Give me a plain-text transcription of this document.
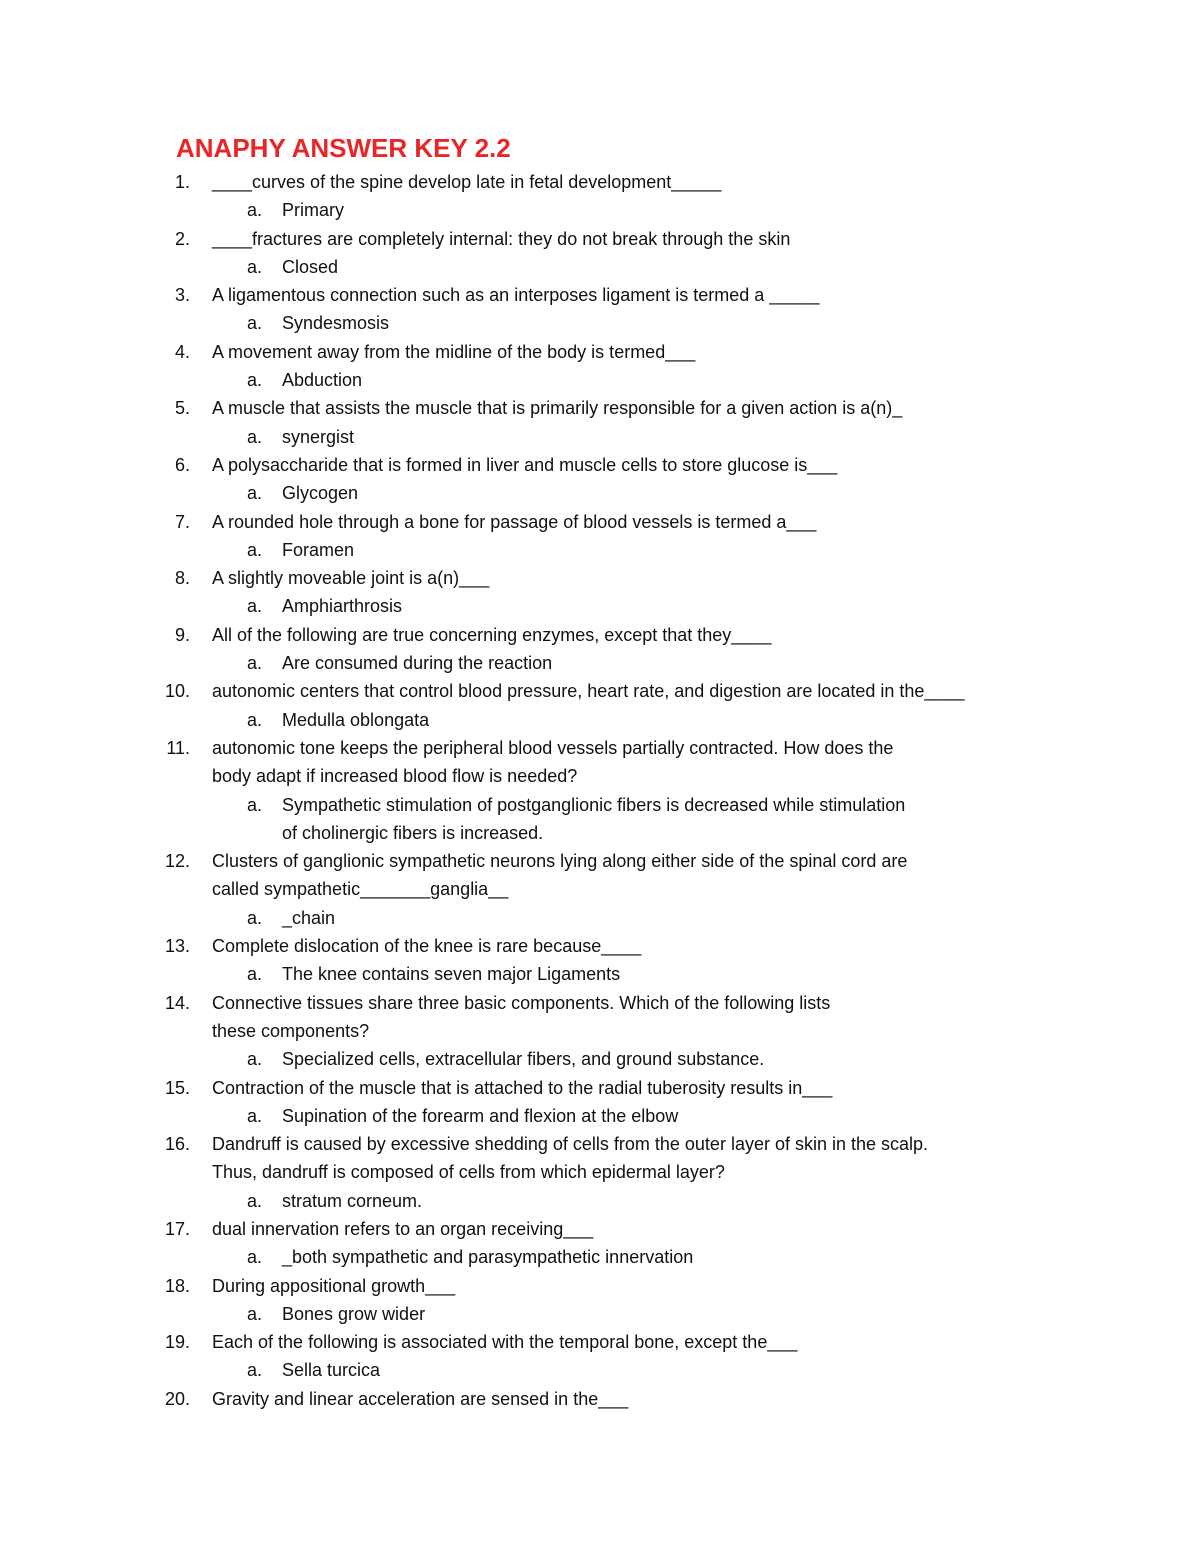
ANAPHY ANSWER KEY 2.2
1. ____curves of the spine develop late in fetal development_____
a. Primary
2. ____fractures are completely internal: they do not break through the skin
a. Closed
3. A ligamentous connection such as an interposes ligament is termed a _____
a. Syndesmosis
4. A movement away from the midline of the body is termed___
a. Abduction
5. A muscle that assists the muscle that is primarily responsible for a given action is a(n)_
a. synergist
6. A polysaccharide that is formed in liver and muscle cells to store glucose is___
a. Glycogen
7. A rounded hole through a bone for passage of blood vessels is termed a___
a. Foramen
8. A slightly moveable joint is a(n)___
a. Amphiarthrosis
9. All of the following are true concerning enzymes, except that they____
a. Are consumed during the reaction
10. autonomic centers that control blood pressure, heart rate, and digestion are located in the____
a. Medulla oblongata
11. autonomic tone keeps the peripheral blood vessels partially contracted. How does the
body adapt if increased blood flow is needed?
a. Sympathetic stimulation of postganglionic fibers is decreased while stimulation
of cholinergic fibers is increased.
12. Clusters of ganglionic sympathetic neurons lying along either side of the spinal cord are
called sympathetic_______ganglia__
a. _chain
13. Complete dislocation of the knee is rare because____
a. The knee contains seven major Ligaments
14. Connective tissues share three basic components. Which of the following lists
these components?
a. Specialized cells, extracellular fibers, and ground substance.
15. Contraction of the muscle that is attached to the radial tuberosity results in___
a. Supination of the forearm and flexion at the elbow
16. Dandruff is caused by excessive shedding of cells from the outer layer of skin in the scalp.
Thus, dandruff is composed of cells from which epidermal layer?
a. stratum corneum.
17. dual innervation refers to an organ receiving___
a. _both sympathetic and parasympathetic innervation
18. During appositional growth___
a. Bones grow wider
19. Each of the following is associated with the temporal bone, except the___
a. Sella turcica
20. Gravity and linear acceleration are sensed in the___
